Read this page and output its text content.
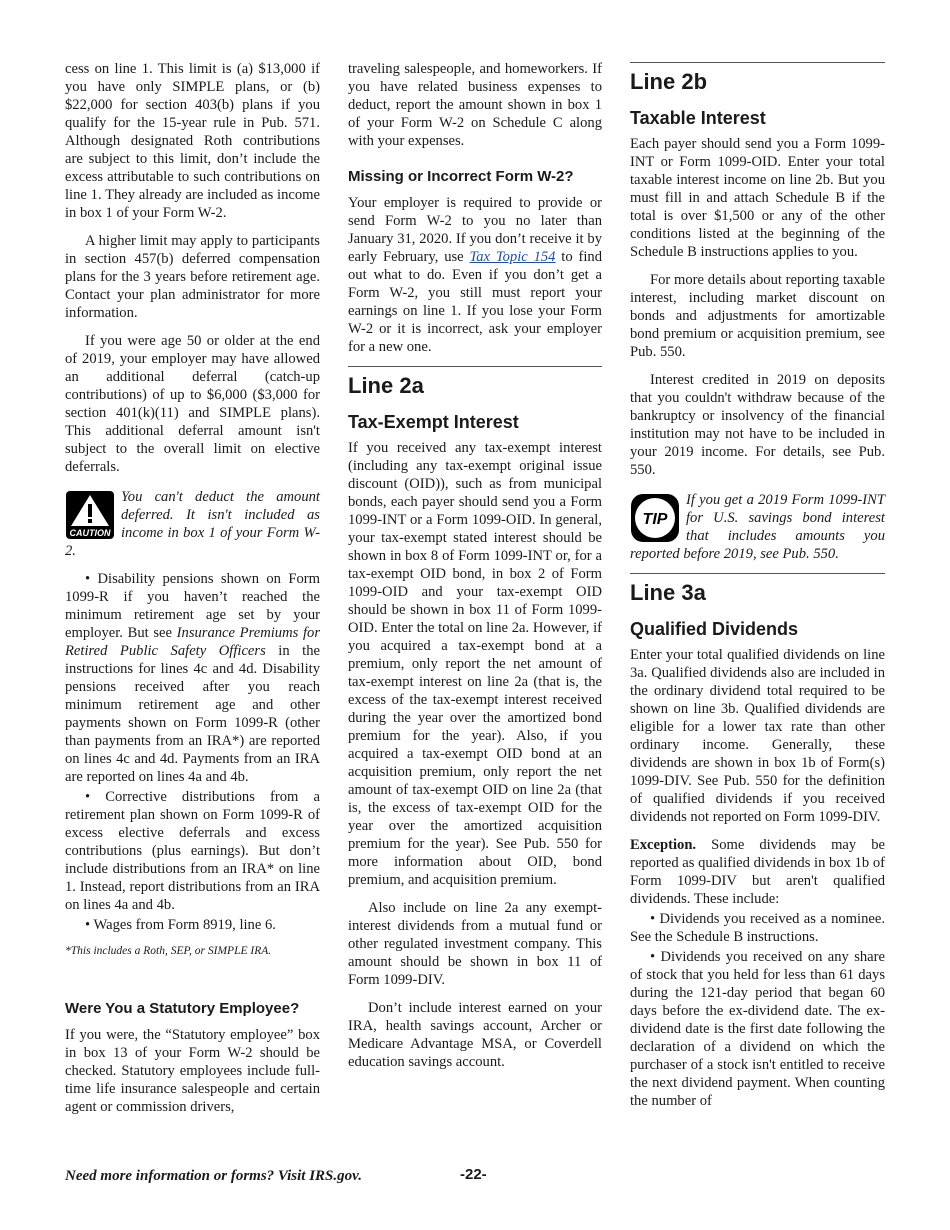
cess on line 1. This limit is (a) $13,000 if you have only SIMPLE plans, or (b) $22,000 for section 403(b) plans if you qualify for the 15-year rule in Pub. 571. Although designated Roth contributions are subject to this limit, don’t include the excess attributable to such contributions on line 1. They already are included as income in box 1 of your Form W-2.

A higher limit may apply to participants in section 457(b) deferred compensation plans for the 3 years before retirement age. Contact your plan administrator for more information.

If you were age 50 or older at the end of 2019, your employer may have allowed an additional deferral (catch-up contributions) of up to $6,000 ($3,000 for section 401(k)(11) and SIMPLE plans). This additional deferral amount isn't subject to the overall limit on elective deferrals.

CAUTION
You can't deduct the amount deferred. It isn't included as income in box 1 of your Form W-2.

• Disability pensions shown on Form 1099-R if you haven’t reached the minimum retirement age set by your employer. But see Insurance Premiums for Retired Public Safety Officers in the instructions for lines 4c and 4d. Disability pensions received after you reach minimum retirement age and other payments shown on Form 1099-R (other than payments from an IRA*) are reported on lines 4c and 4d. Payments from an IRA are reported on lines 4a and 4b.

• Corrective distributions from a retirement plan shown on Form 1099-R of excess elective deferrals and excess contributions (plus earnings). But don’t include distributions from an IRA* on line 1. Instead, report distributions from an IRA on lines 4a and 4b.

• Wages from Form 8919, line 6.

*This includes a Roth, SEP, or SIMPLE IRA.

Were You a Statutory Employee?

If you were, the “Statutory employee” box in box 13 of your Form W-2 should be checked. Statutory employees include full-time life insurance salespeople and certain agent or commission drivers,

traveling salespeople, and homeworkers. If you have related business expenses to deduct, report the amount shown in box 1 of your Form W-2 on Schedule C along with your expenses.

Missing or Incorrect Form W-2?

Your employer is required to provide or send Form W-2 to you no later than January 31, 2020. If you don’t receive it by early February, use Tax Topic 154 to find out what to do. Even if you don’t get a Form W-2, you still must report your earnings on line 1. If you lose your Form W-2 or it is incorrect, ask your employer for a new one.

Line 2a
Tax-Exempt Interest

If you received any tax-exempt interest (including any tax-exempt original issue discount (OID)), such as from municipal bonds, each payer should send you a Form 1099-INT or a Form 1099-OID. In general, your tax-exempt stated interest should be shown in box 8 of Form 1099-INT or, for a tax-exempt OID bond, in box 2 of Form 1099-OID and your tax-exempt OID should be shown in box 11 of Form 1099-OID. Enter the total on line 2a. However, if you acquired a tax-exempt bond at a premium, only report the net amount of tax-exempt interest on line 2a (that is, the excess of the tax-exempt interest received during the year over the amortized bond premium for the year). Also, if you acquired a tax-exempt OID bond at an acquisition premium, only report the net amount of tax-exempt OID on line 2a (that is, the excess of tax-exempt OID for the year over the amortized acquisition premium for the year). See Pub. 550 for more information about OID, bond premium, and acquisition premium.

Also include on line 2a any exempt-interest dividends from a mutual fund or other regulated investment company. This amount should be shown in box 11 of Form 1099-DIV.

Don’t include interest earned on your IRA, health savings account, Archer or Medicare Advantage MSA, or Coverdell education savings account.

Line 2b
Taxable Interest

Each payer should send you a Form 1099-INT or Form 1099-OID. Enter your total taxable interest income on line 2b. But you must fill in and attach Schedule B if the total is over $1,500 or any of the other conditions listed at the beginning of the Schedule B instructions applies to you.

For more details about reporting taxable interest, including market discount on bonds and adjustments for amortizable bond premium or acquisition premium, see Pub. 550.

Interest credited in 2019 on deposits that you couldn't withdraw because of the bankruptcy or insolvency of the financial institution may not have to be included in your 2019 income. For details, see Pub. 550.

TIP
If you get a 2019 Form 1099-INT for U.S. savings bond interest that includes amounts you reported before 2019, see Pub. 550.
Line 3a
Qualified Dividends

Enter your total qualified dividends on line 3a. Qualified dividends also are included in the ordinary dividend total required to be shown on line 3b. Qualified dividends are eligible for a lower tax rate than other ordinary income. Generally, these dividends are shown in box 1b of Form(s) 1099-DIV. See Pub. 550 for the definition of qualified dividends if you received dividends not reported on Form 1099-DIV.

Exception. Some dividends may be reported as qualified dividends in box 1b of Form 1099-DIV but aren't qualified dividends. These include:

• Dividends you received as a nominee. See the Schedule B instructions.

• Dividends you received on any share of stock that you held for less than 61 days during the 121-day period that began 60 days before the ex-dividend date. The ex-dividend date is the first date following the declaration of a dividend on which the purchaser of a stock isn't entitled to receive the next dividend payment. When counting the number of

Need more information or forms? Visit IRS.gov.	-22-
